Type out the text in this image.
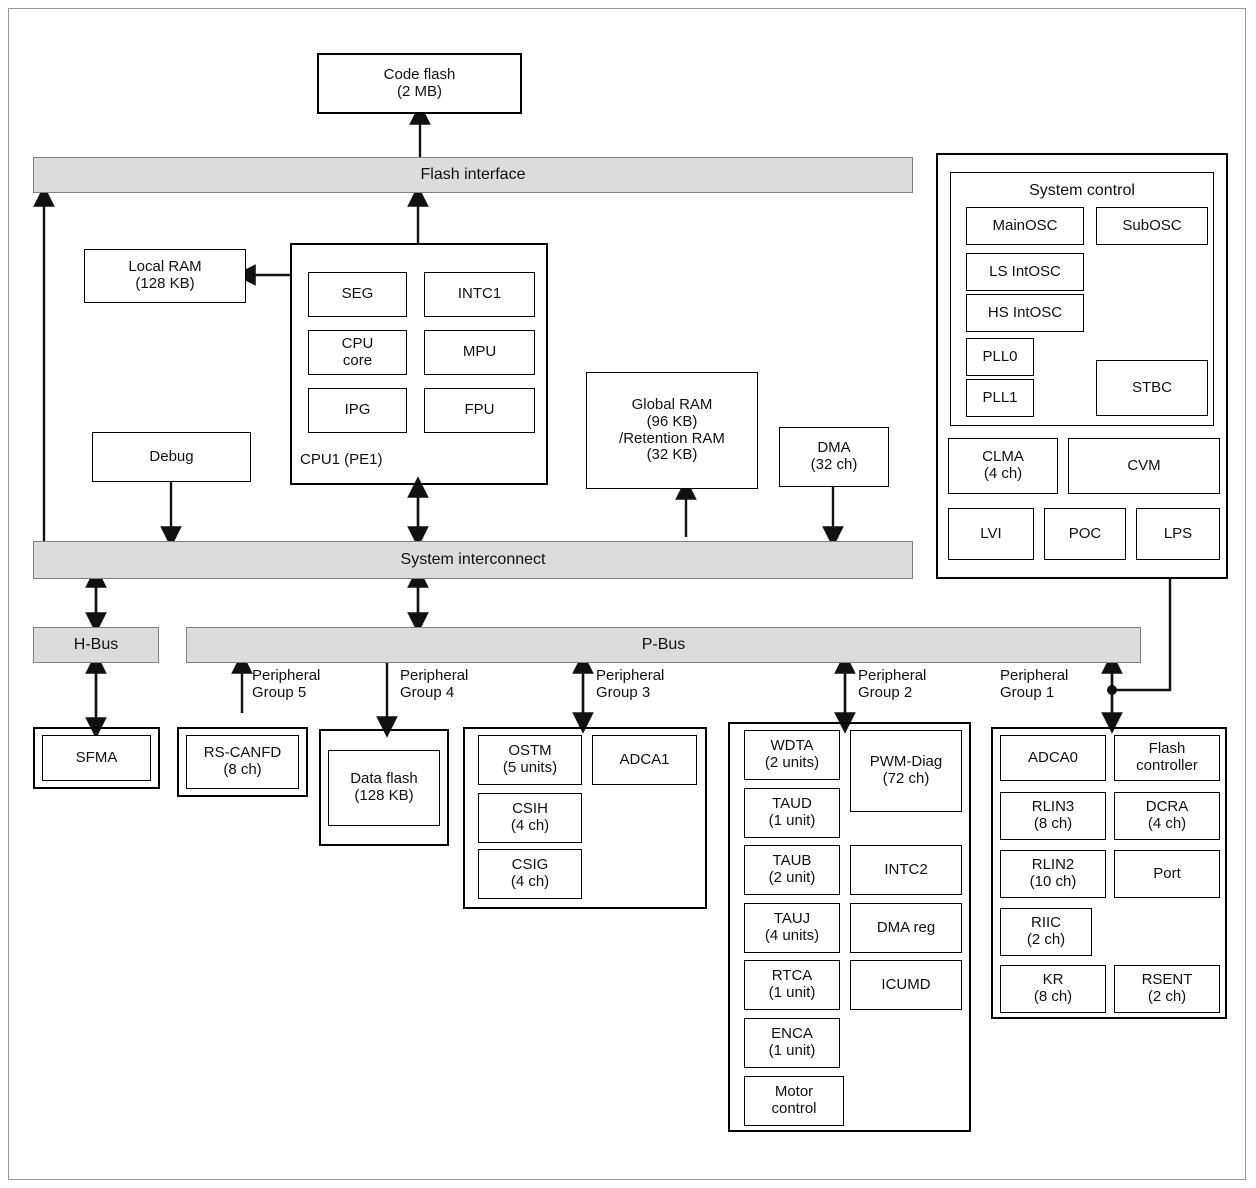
Code flash
(2 MB)
Flash interface
Local RAM
(128 KB)
SEG	INTC1
CPU
core	MPU
IPG	FPU
CPU1 (PE1)
Debug
Global RAM
(96 KB)
/Retention RAM
(32 KB)	DMA
(32 ch)
System interconnect
System control
MainOSC	SubOSC
LS IntOSC
HS IntOSC
PLL0
PLL1
STBC
CLMA
(4 ch)	CVM
LVI	POC	LPS
H-Bus	P-Bus
Peripheral
Group 5
Peripheral
Group 4
Peripheral
Group 3
Peripheral
Group 2
Peripheral
Group 1
SFMA	RS-CANFD
(8 ch)
Data flash
(128 KB)
OSTM
(5 units)	ADCA1
CSIH
(4 ch)
CSIG
(4 ch)
WDTA
(2 units)	PWM-Diag
(72 ch)
TAUD
(1 unit)
TAUB
(2 unit)	INTC2
TAUJ
(4 units)	DMA reg
RTCA
(1 unit)	ICUMD
ENCA
(1 unit)
Motor
control
ADCA0	Flash
controller
RLIN3
(8 ch)
DCRA
(4 ch)
RLIN2
(10 ch)	Port
RIIC
(2 ch)
KR
(8 ch)
RSENT
(2 ch)
